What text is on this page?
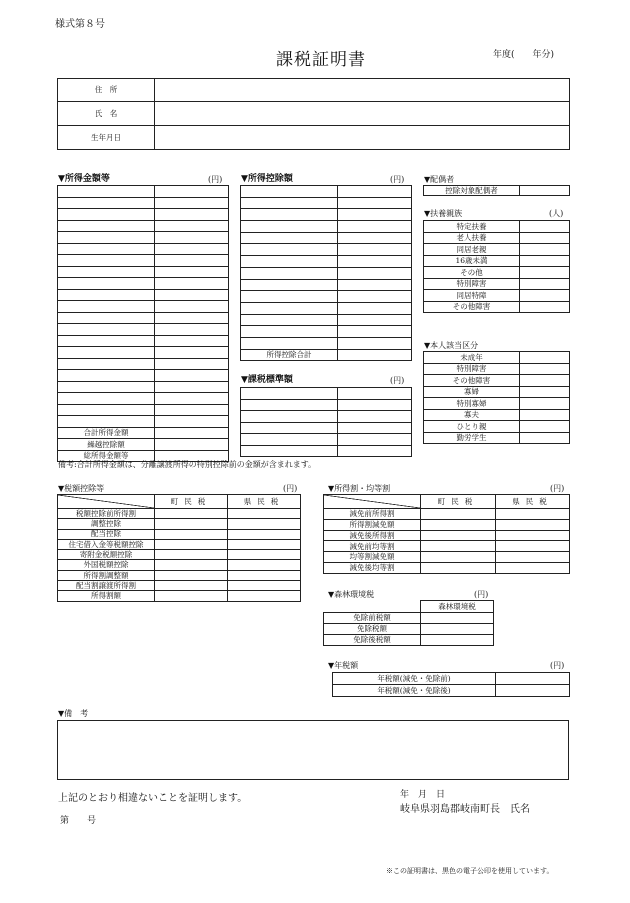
様式第８号
課税証明書	年度(　　年分)
住　所	
氏　名	
生年月日	
▼所得金額等	(円)

合計所得金額	
繰越控除額	
総所得金額等	
▼所得控除額	(円)

所得控除合計	
▼課税標準額	(円)

▼配偶者
控除対象配偶者	
▼扶養親族	(人)
特定扶養	
老人扶養	
同居老親	
16歳未満	
その他	
特別障害	
同居特障	
その他障害	
▼本人該当区分
未成年	
特別障害	
その他障害	
寡婦	
特別寡婦	
寡夫	
ひとり親	
勤労学生	
備考:合計所得金額は、分離譲渡所得の特別控除前の金額が含まれます。
▼税額控除等	(円)
	町民税	県民税
税額控除前所得割		
調整控除		
配当控除		
住宅借入金等税額控除		
寄附金税額控除		
外国税額控除		
所得割調整額		
配当割譲渡所得割		
所得割額		
▼所得割・均等割	(円)
	町民税	県民税
減免前所得割		
所得割減免額		
減免後所得割		
減免前均等割		
均等割減免額		
減免後均等割		
▼森林環境税	(円)
	森林環境税
免除前税額	
免除税額	
免除後税額	
▼年税額	(円)
年税額(減免・免除前)	
年税額(減免・免除後)	
▼備　考
上記のとおり相違ないことを証明します。
第　　号
年　月　日
岐阜県羽島郡岐南町長　氏名
※この証明書は、黒色の電子公印を使用しています。
